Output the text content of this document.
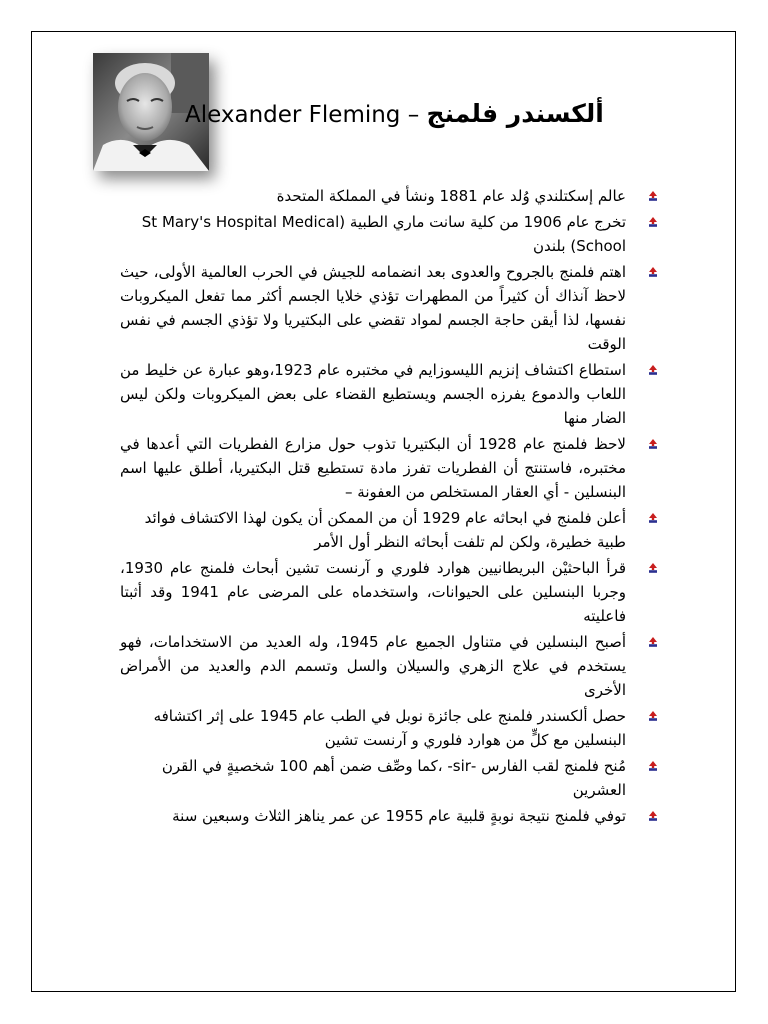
ألكسندر فلمنج – Alexander Fleming
عالم إسكتلندي وُلد عام 1881 ونشأ في المملكة المتحدة
تخرج عام 1906 من كلية سانت ماري الطبية (St Mary's Hospital Medical School) بلندن
اهتم فلمنج بالجروح والعدوى بعد انضمامه للجيش في الحرب العالمية الأولى، حيث لاحظ آنذاك أن كثيراً من المطهرات تؤذي خلايا الجسم أكثر مما تفعل الميكروبات نفسها، لذا أيقن حاجة الجسم لمواد تقضي على البكتيريا ولا تؤذي الجسم في نفس الوقت
استطاع اكتشاف إنزيم الليسوزايم في مختبره عام 1923،وهو عبارة عن خليط من اللعاب والدموع يفرزه الجسم ويستطيع القضاء على بعض الميكروبات ولكن ليس الضار منها
لاحظ فلمنج عام 1928 أن البكتيريا تذوب حول مزارع الفطريات التي أعدها في مختبره، فاستنتج أن الفطريات تفرز مادة تستطيع قتل البكتيريا، أطلق عليها اسم البنسلين - أي العقار المستخلص من العفونة –
أعلن فلمنج في ابحاثه عام 1929 أن من الممكن أن يكون لهذا الاكتشاف فوائد طبية خطيرة، ولكن لم تلفت أبحاثه النظر أول الأمر
قرأ الباحثيْن البريطانيين هوارد فلوري و آرنست تشين أبحاث فلمنج عام 1930، وجربا البنسلين على الحيوانات، واستخدماه على المرضى عام 1941 وقد أثبتا فاعليته
أصبح البنسلين في متناول الجميع عام 1945، وله العديد من الاستخدامات، فهو يستخدم في علاج الزهري والسيلان والسل وتسمم الدم والعديد من الأمراض الأخرى
حصل ألكسندر فلمنج على جائزة نوبل في الطب عام 1945 على إثر اكتشافه البنسلين مع كلٍّ من هوارد فلوري و آرنست تشين
مُنح فلمنج لقب الفارس -sir- ،كما وصِّف ضمن أهم 100 شخصيةٍ في القرن العشرين
توفي فلمنج نتيجة نوبةٍ قلبية عام 1955 عن عمر يناهز الثلاث وسبعين سنة
